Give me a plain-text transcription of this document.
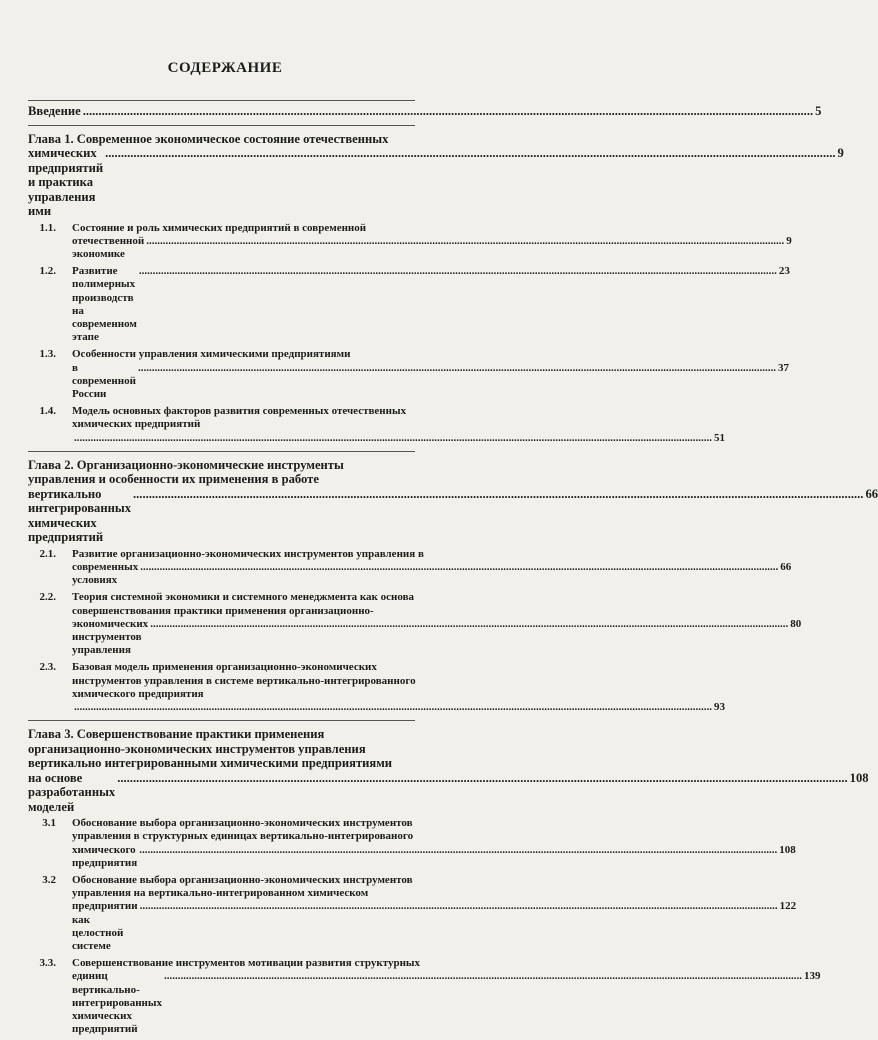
СОДЕРЖАНИЕ
Введение
.....	5
Глава 1. Современное экономическое состояние отечественных
химических предприятий и практика управления ими
.....
9
1.1.	Состояние и роль химических предприятий в современной
отечественной экономике
.....
9
1.2.	Развитие полимерных производств на современном этапе
.....
23
1.3.	Особенности управления химическими предприятиями
в современной России
.....
37
1.4.	Модель основных факторов развития современных отечественных
химических предприятий
.....
51
Глава 2. Организационно-экономические инструменты
управления и особенности их применения в работе
вертикально интегрированных химических предприятий
.....
66
2.1.	Развитие организационно-экономических инструментов управления в
современных условиях
.....
66
2.2.	Теория системной экономики и системного менеджмента как основа
совершенствования практики применения организационно-
экономических инструментов управления
.....
80
2.3.	Базовая модель применения организационно-экономических
инструментов управления в системе вертикально-интегрированного
химического предприятия
.....
93
Глава 3. Совершенствование практики применения
организационно-экономических инструментов управления
вертикально интегрированными химическими предприятиями
на основе разработанных моделей
.....
108
3.1	Обоснование выбора организационно-экономических инструментов
управления в структурных единицах вертикально-интегрированого
химического предприятия
.....
108
3.2	Обоснование выбора организационно-экономических инструментов
управления на вертикально-интегрированном химическом
предприятии как целостной системе
.....
122
3.3.	Совершенствование инструментов мотивации развития структурных
единиц вертикально-интегрированных химических предприятий
.....
139
